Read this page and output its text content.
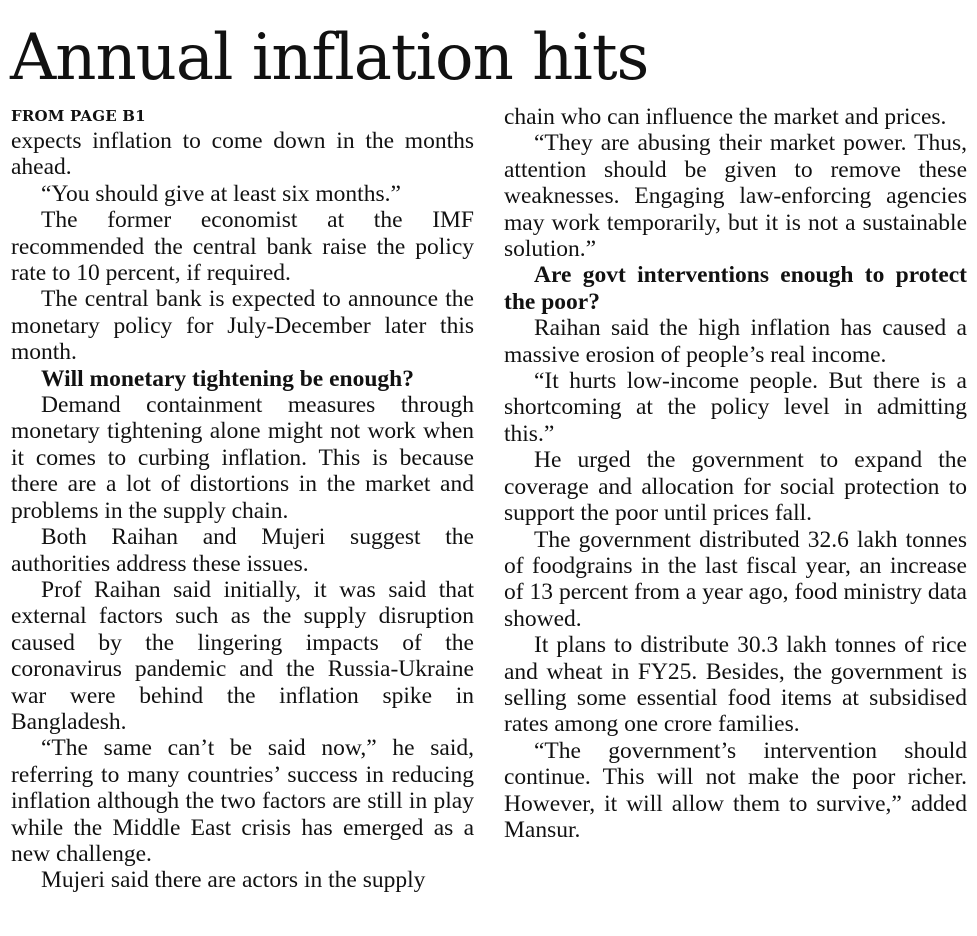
Annual inflation hits
FROM PAGE B1

expects inflation to come down in the months ahead.

“You should give at least six months.”

The former economist at the IMF recommended the central bank raise the policy rate to 10 percent, if required.

The central bank is expected to announce the monetary policy for July-December later this month.

Will monetary tightening be enough?

Demand containment measures through monetary tightening alone might not work when it comes to curbing inflation. This is because there are a lot of distortions in the market and problems in the supply chain.

Both Raihan and Mujeri suggest the authorities address these issues.

Prof Raihan said initially, it was said that external factors such as the supply disruption caused by the lingering impacts of the coronavirus pandemic and the Russia-Ukraine war were behind the inflation spike in Bangladesh.

“The same can’t be said now,” he said, referring to many countries’ success in reducing inflation although the two factors are still in play while the Middle East crisis has emerged as a new challenge.

Mujeri said there are actors in the supply

chain who can influence the market and prices.

“They are abusing their market power. Thus, attention should be given to remove these weaknesses. Engaging law-enforcing agencies may work temporarily, but it is not a sustainable solution.”

Are govt interventions enough to protect the poor?

Raihan said the high inflation has caused a massive erosion of people’s real income.

“It hurts low-income people. But there is a shortcoming at the policy level in admitting this.”

He urged the government to expand the coverage and allocation for social protection to support the poor until prices fall.

The government distributed 32.6 lakh tonnes of foodgrains in the last fiscal year, an increase of 13 percent from a year ago, food ministry data showed.

It plans to distribute 30.3 lakh tonnes of rice and wheat in FY25. Besides, the government is selling some essential food items at subsidised rates among one crore families.

“The government’s intervention should continue. This will not make the poor richer. However, it will allow them to survive,” added Mansur.
